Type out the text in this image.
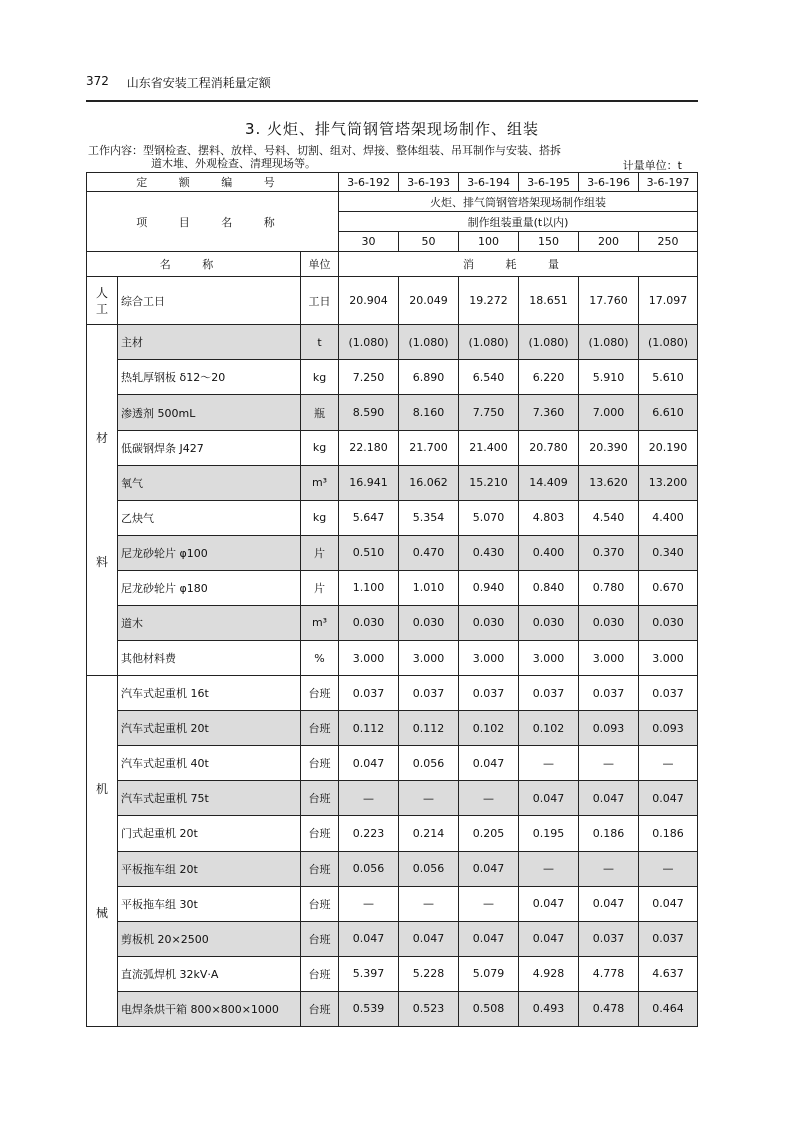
372 山东省安装工程消耗量定额
3. 火炬、排气筒钢管塔架现场制作、组装
工作内容：型钢检查、摆料、放样、号料、切割、组对、焊接、整体组装、吊耳制作与安装、搭拆
道木堆、外观检查、清理现场等。	计量单位：t
定 额 编 号			3-6-192	3-6-193	3-6-194	3-6-195	3-6-196	3-6-197
项 目 名 称			火炬、排气筒钢管塔架现场制作组装					
			制作组装重量(t以内)					
			30	50	100	150	200	250
名 称		单位	消 耗 量					

人
工	综合工日	工日	20.904	20.049	19.272	18.651	17.760	17.097

材
料	主材	t	(1.080)	(1.080)	(1.080)	(1.080)	(1.080)	(1.080)
	热轧厚钢板 δ12～20	kg	7.250	6.890	6.540	6.220	5.910	5.610
	渗透剂 500mL	瓶	8.590	8.160	7.750	7.360	7.000	6.610
	低碳钢焊条 J427	kg	22.180	21.700	21.400	20.780	20.390	20.190
	氧气	m³	16.941	16.062	15.210	14.409	13.620	13.200
	乙炔气	kg	5.647	5.354	5.070	4.803	4.540	4.400
	尼龙砂轮片 φ100	片	0.510	0.470	0.430	0.400	0.370	0.340
	尼龙砂轮片 φ180	片	1.100	1.010	0.940	0.840	0.780	0.670
	道木	m³	0.030	0.030	0.030	0.030	0.030	0.030
	其他材料费	%	3.000	3.000	3.000	3.000	3.000	3.000

机
械	汽车式起重机 16t	台班	0.037	0.037	0.037	0.037	0.037	0.037
	汽车式起重机 20t	台班	0.112	0.112	0.102	0.102	0.093	0.093
	汽车式起重机 40t	台班	0.047	0.056	0.047	—	—	—
	汽车式起重机 75t	台班	—	—	—	0.047	0.047	0.047
	门式起重机 20t	台班	0.223	0.214	0.205	0.195	0.186	0.186
	平板拖车组 20t	台班	0.056	0.056	0.047	—	—	—
	平板拖车组 30t	台班	—	—	—	0.047	0.047	0.047
	剪板机 20×2500	台班	0.047	0.047	0.047	0.047	0.037	0.037
	直流弧焊机 32kV·A	台班	5.397	5.228	5.079	4.928	4.778	4.637
	电焊条烘干箱 800×800×1000	台班	0.539	0.523	0.508	0.493	0.478	0.464
